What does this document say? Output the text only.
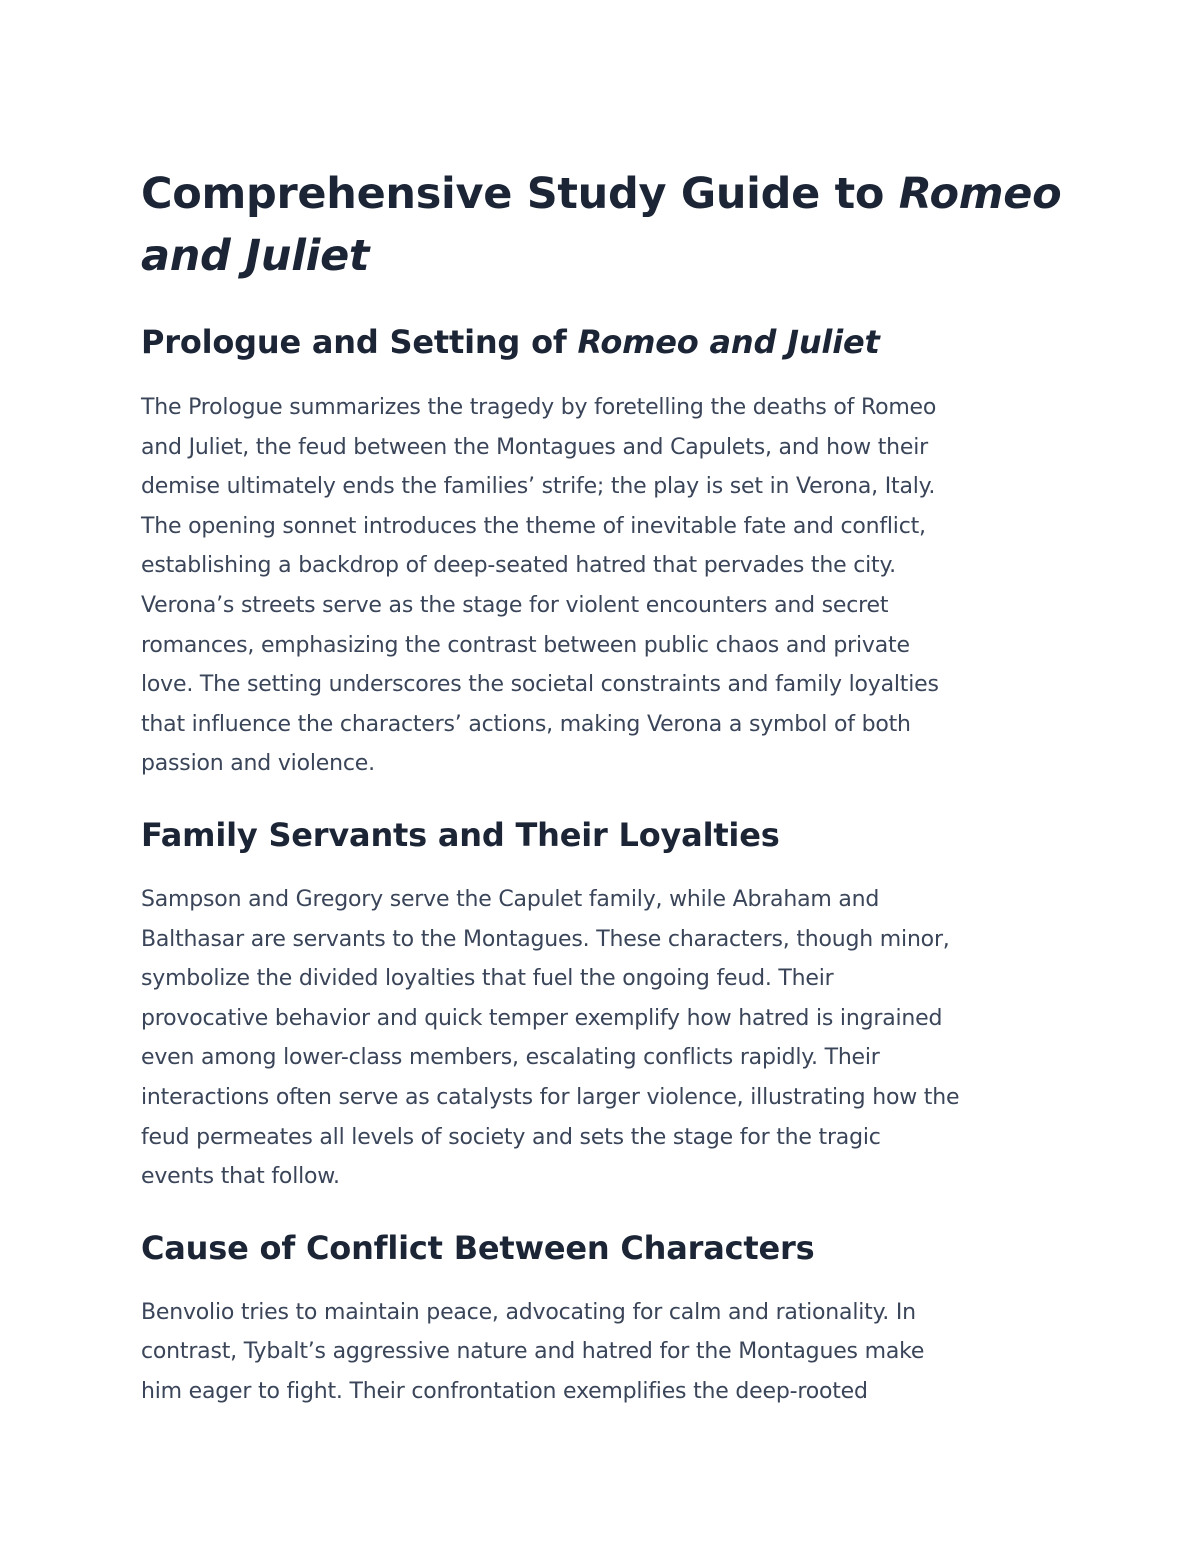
Comprehensive Study Guide to Romeo
and Juliet
Prologue and Setting of Romeo and Juliet

The Prologue summarizes the tragedy by foretelling the deaths of Romeo
and Juliet, the feud between the Montagues and Capulets, and how their
demise ultimately ends the families’ strife; the play is set in Verona, Italy.
The opening sonnet introduces the theme of inevitable fate and conflict,
establishing a backdrop of deep-seated hatred that pervades the city.
Verona’s streets serve as the stage for violent encounters and secret
romances, emphasizing the contrast between public chaos and private
love. The setting underscores the societal constraints and family loyalties
that influence the characters’ actions, making Verona a symbol of both
passion and violence.

Family Servants and Their Loyalties

Sampson and Gregory serve the Capulet family, while Abraham and
Balthasar are servants to the Montagues. These characters, though minor,
symbolize the divided loyalties that fuel the ongoing feud. Their
provocative behavior and quick temper exemplify how hatred is ingrained
even among lower-class members, escalating conflicts rapidly. Their
interactions often serve as catalysts for larger violence, illustrating how the
feud permeates all levels of society and sets the stage for the tragic
events that follow.

Cause of Conflict Between Characters

Benvolio tries to maintain peace, advocating for calm and rationality. In
contrast, Tybalt’s aggressive nature and hatred for the Montagues make
him eager to fight. Their confrontation exemplifies the deep-rooted
